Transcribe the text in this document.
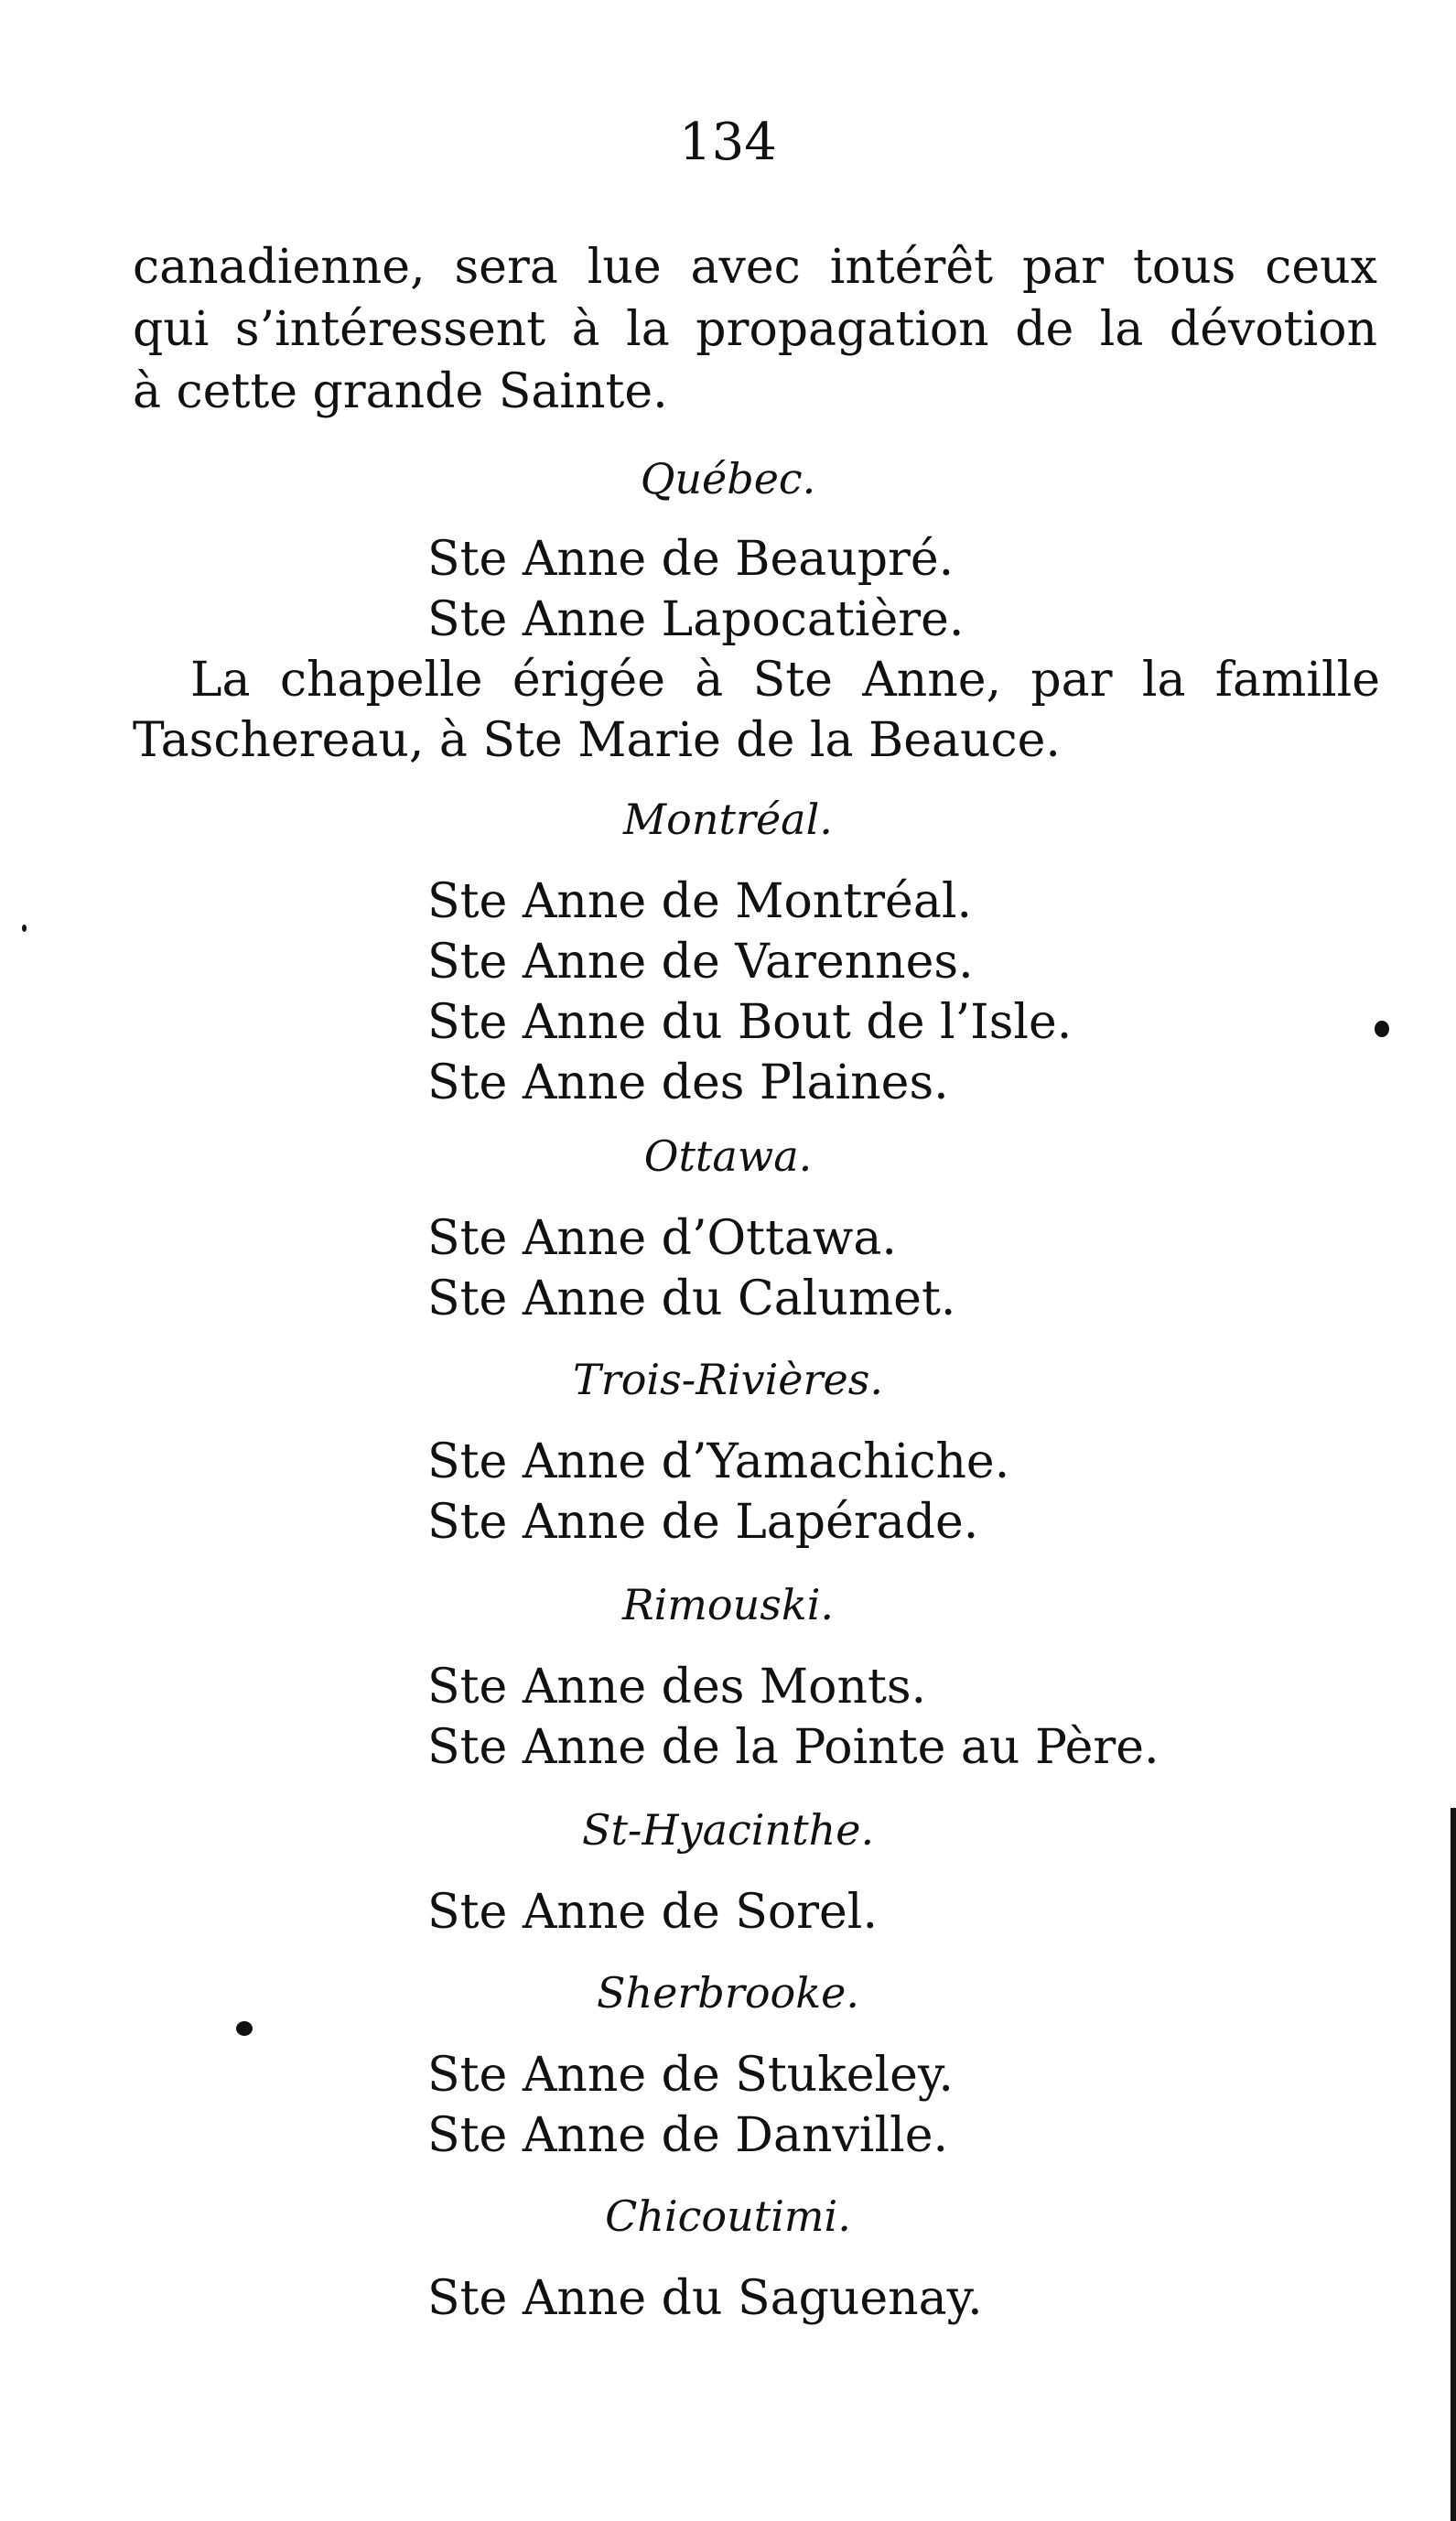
134
canadienne, sera lue avec intérêt par tous ceux
qui s’intéressent à la propagation de la dévotion
à cette grande Sainte.
Québec.
Ste Anne de Beaupré.
Ste Anne Lapocatière.
La chapelle érigée à Ste Anne, par la famille
Taschereau, à Ste Marie de la Beauce.
Montréal.
Ste Anne de Montréal.
Ste Anne de Varennes.
Ste Anne du Bout de l’Isle.
Ste Anne des Plaines.
Ottawa.
Ste Anne d’Ottawa.
Ste Anne du Calumet.
Trois-Rivières.
Ste Anne d’Yamachiche.
Ste Anne de Lapérade.
Rimouski.
Ste Anne des Monts.
Ste Anne de la Pointe au Père.
St-Hyacinthe.
Ste Anne de Sorel.
Sherbrooke.
Ste Anne de Stukeley.
Ste Anne de Danville.
Chicoutimi.
Ste Anne du Saguenay.
